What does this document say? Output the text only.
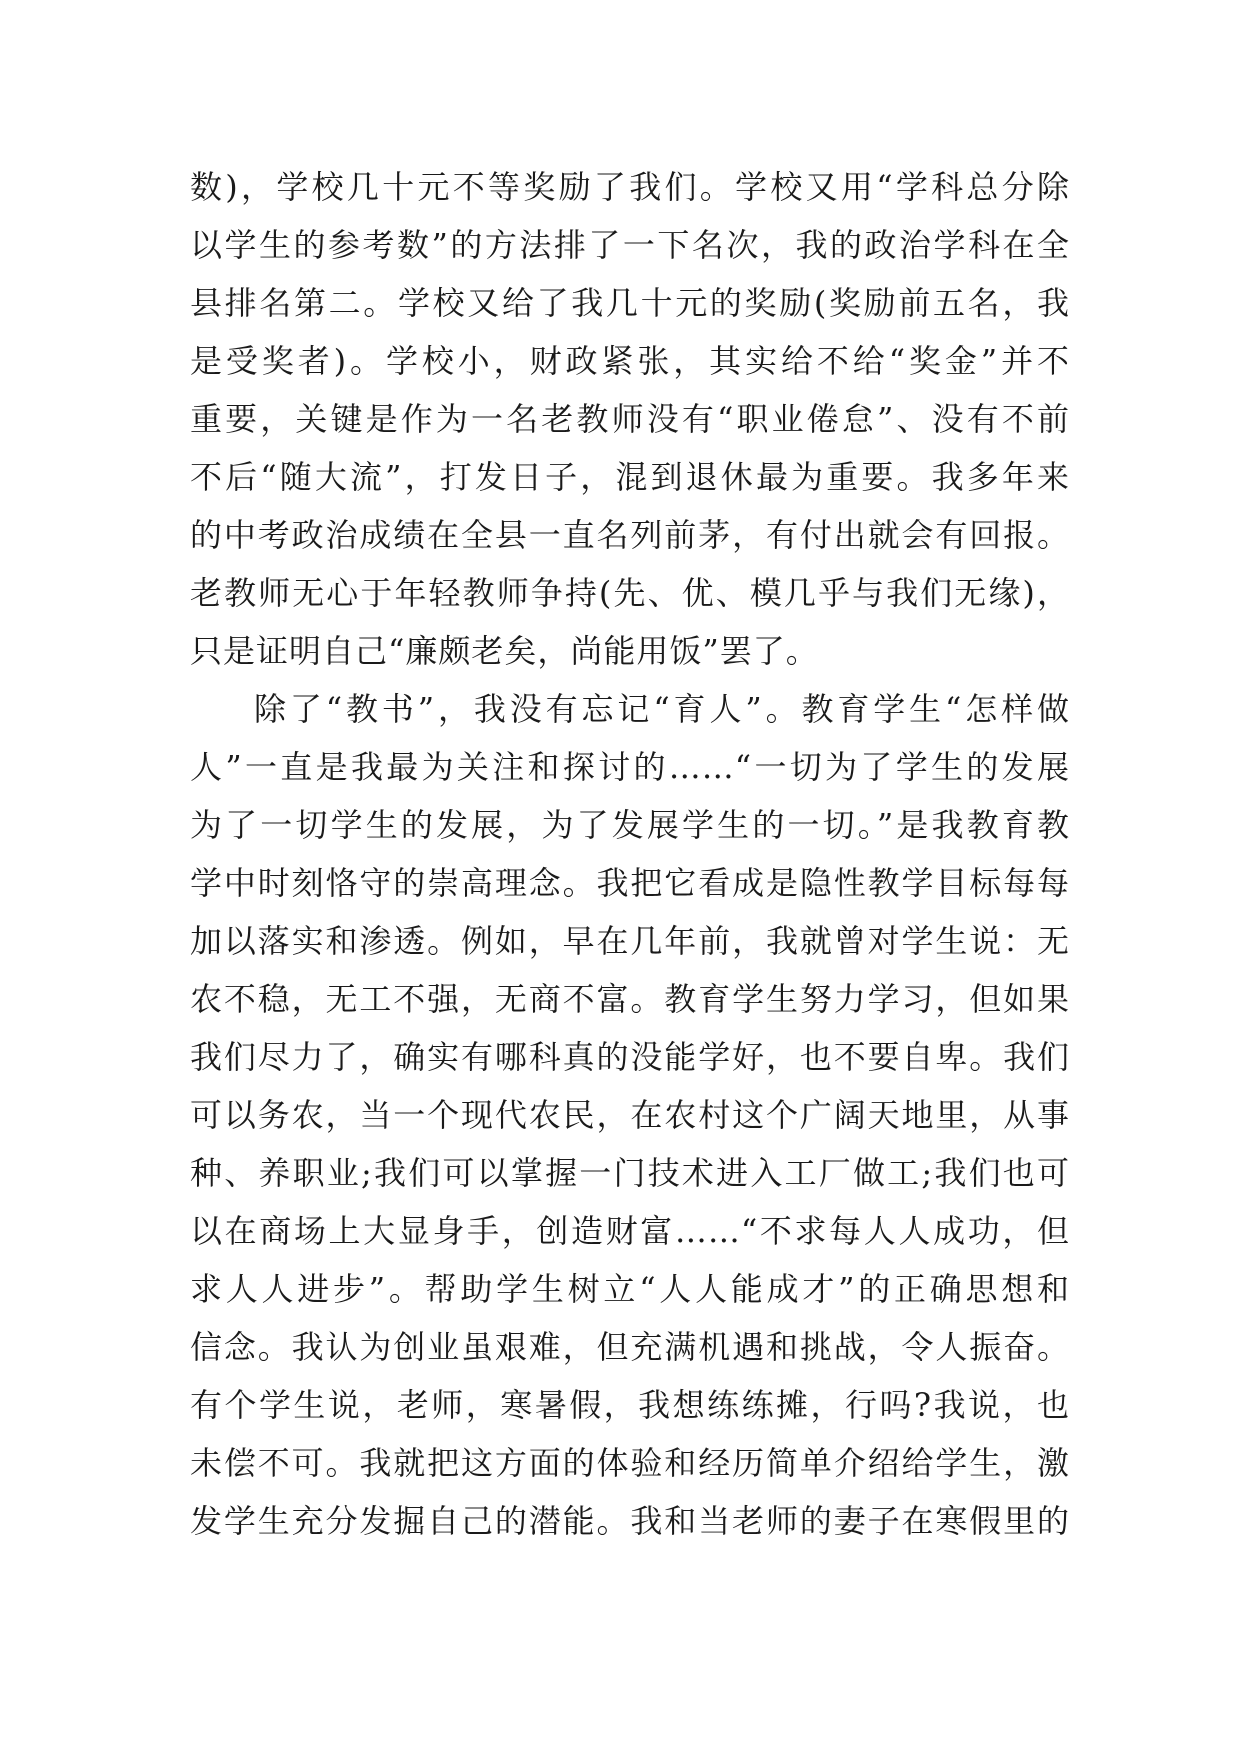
数)，学校几十元不等奖励了我们。学校又用“学科总分除
以学生的参考数”的方法排了一下名次，我的政治学科在全
县排名第二。学校又给了我几十元的奖励(奖励前五名，我
是受奖者)。学校小，财政紧张，其实给不给“奖金”并不
重要，关键是作为一名老教师没有“职业倦怠”、没有不前
不后“随大流”，打发日子，混到退休最为重要。我多年来
的中考政治成绩在全县一直名列前茅，有付出就会有回报。
老教师无心于年轻教师争持(先、优、模几乎与我们无缘)，
只是证明自己“廉颇老矣，尚能用饭”罢了。
除了“教书”，我没有忘记“育人”。教育学生“怎样做
人”一直是我最为关注和探讨的……“一切为了学生的发展
为了一切学生的发展，为了发展学生的一切。”是我教育教
学中时刻恪守的崇高理念。我把它看成是隐性教学目标每每
加以落实和渗透。例如，早在几年前，我就曾对学生说：无
农不稳，无工不强，无商不富。教育学生努力学习，但如果
我们尽力了，确实有哪科真的没能学好，也不要自卑。我们
可以务农，当一个现代农民，在农村这个广阔天地里，从事
种、养职业;我们可以掌握一门技术进入工厂做工;我们也可
以在商场上大显身手，创造财富……“不求每人人成功，但
求人人进步”。帮助学生树立“人人能成才”的正确思想和
信念。我认为创业虽艰难，但充满机遇和挑战，令人振奋。
有个学生说，老师，寒暑假，我想练练摊，行吗?我说，也
未偿不可。我就把这方面的体验和经历简单介绍给学生，激
发学生充分发掘自己的潜能。我和当老师的妻子在寒假里的
